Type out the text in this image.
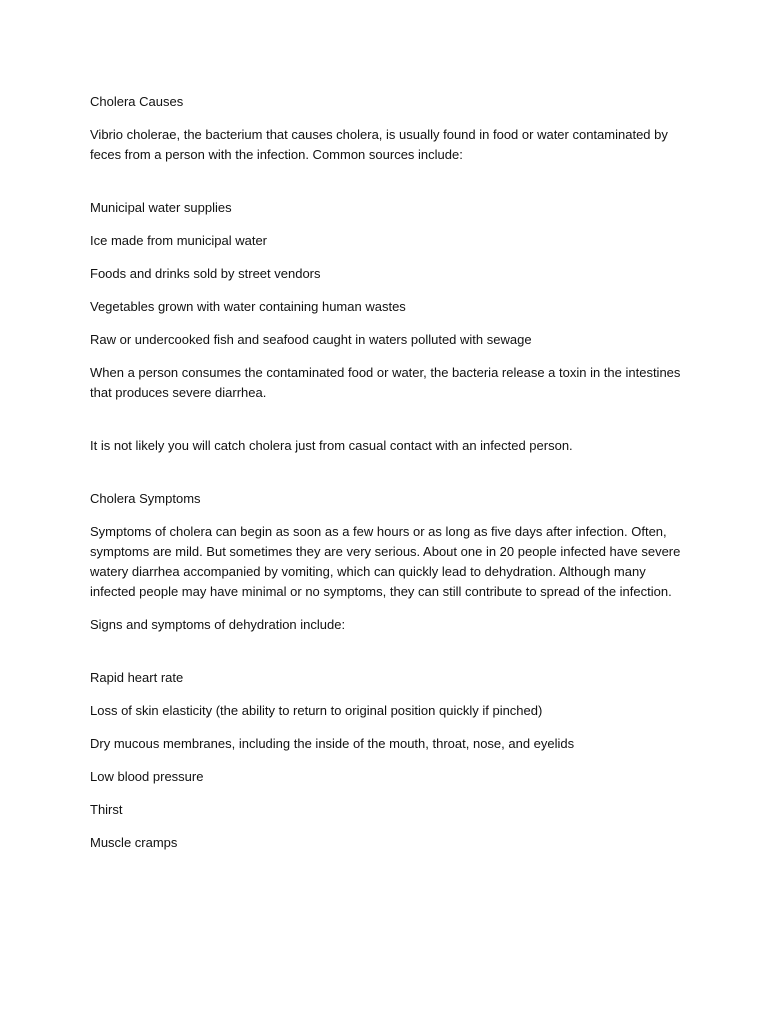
Cholera Causes

Vibrio cholerae, the bacterium that causes cholera, is usually found in food or water contaminated by feces from a person with the infection. Common sources include:

Municipal water supplies

Ice made from municipal water

Foods and drinks sold by street vendors

Vegetables grown with water containing human wastes

Raw or undercooked fish and seafood caught in waters polluted with sewage

When a person consumes the contaminated food or water, the bacteria release a toxin in the intestines that produces severe diarrhea.

It is not likely you will catch cholera just from casual contact with an infected person.

Cholera Symptoms

Symptoms of cholera can begin as soon as a few hours or as long as five days after infection. Often, symptoms are mild. But sometimes they are very serious. About one in 20 people infected have severe watery diarrhea accompanied by vomiting, which can quickly lead to dehydration. Although many infected people may have minimal or no symptoms, they can still contribute to spread of the infection.

Signs and symptoms of dehydration include:

Rapid heart rate

Loss of skin elasticity (the ability to return to original position quickly if pinched)

Dry mucous membranes, including the inside of the mouth, throat, nose, and eyelids

Low blood pressure

Thirst

Muscle cramps
